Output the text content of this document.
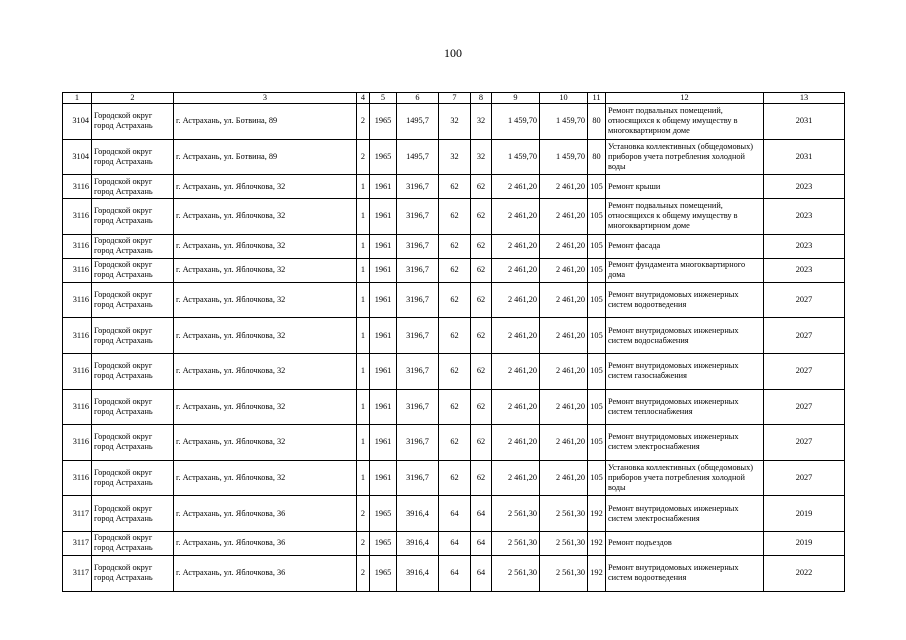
100
1	2	3	4	5	6	7	8	9	10	11	12	13
3104	Городской округ город Астрахань	г. Астрахань, ул. Ботвина, 89	2	1965	1495,7	32	32	1 459,70	1 459,70	80	Ремонт подвальных помещений, относящихся к общему имуществу в многоквартирном доме	2031
3104	Городской округ город Астрахань	г. Астрахань, ул. Ботвина, 89	2	1965	1495,7	32	32	1 459,70	1 459,70	80	Установка коллективных (общедомовых) приборов учета потребления холодной воды	2031
3116	Городской округ город Астрахань	г. Астрахань, ул. Яблочкова, 32	1	1961	3196,7	62	62	2 461,20	2 461,20	105	Ремонт крыши	2023
3116	Городской округ город Астрахань	г. Астрахань, ул. Яблочкова, 32	1	1961	3196,7	62	62	2 461,20	2 461,20	105	Ремонт подвальных помещений, относящихся к общему имуществу в многоквартирном доме	2023
3116	Городской округ город Астрахань	г. Астрахань, ул. Яблочкова, 32	1	1961	3196,7	62	62	2 461,20	2 461,20	105	Ремонт фасада	2023
3116	Городской округ город Астрахань	г. Астрахань, ул. Яблочкова, 32	1	1961	3196,7	62	62	2 461,20	2 461,20	105	Ремонт фундамента многоквартирного дома	2023
3116	Городской округ город Астрахань	г. Астрахань, ул. Яблочкова, 32	1	1961	3196,7	62	62	2 461,20	2 461,20	105	Ремонт внутридомовых инженерных систем водоотведения	2027
3116	Городской округ город Астрахань	г. Астрахань, ул. Яблочкова, 32	1	1961	3196,7	62	62	2 461,20	2 461,20	105	Ремонт внутридомовых инженерных систем водоснабжения	2027
3116	Городской округ город Астрахань	г. Астрахань, ул. Яблочкова, 32	1	1961	3196,7	62	62	2 461,20	2 461,20	105	Ремонт внутридомовых инженерных систем газоснабжения	2027
3116	Городской округ город Астрахань	г. Астрахань, ул. Яблочкова, 32	1	1961	3196,7	62	62	2 461,20	2 461,20	105	Ремонт внутридомовых инженерных систем теплоснабжения	2027
3116	Городской округ город Астрахань	г. Астрахань, ул. Яблочкова, 32	1	1961	3196,7	62	62	2 461,20	2 461,20	105	Ремонт внутридомовых инженерных систем электроснабжения	2027
3116	Городской округ город Астрахань	г. Астрахань, ул. Яблочкова, 32	1	1961	3196,7	62	62	2 461,20	2 461,20	105	Установка коллективных (общедомовых) приборов учета потребления холодной воды	2027
3117	Городской округ город Астрахань	г. Астрахань, ул. Яблочкова, 36	2	1965	3916,4	64	64	2 561,30	2 561,30	192	Ремонт внутридомовых инженерных систем электроснабжения	2019
3117	Городской округ город Астрахань	г. Астрахань, ул. Яблочкова, 36	2	1965	3916,4	64	64	2 561,30	2 561,30	192	Ремонт подъездов	2019
3117	Городской округ город Астрахань	г. Астрахань, ул. Яблочкова, 36	2	1965	3916,4	64	64	2 561,30	2 561,30	192	Ремонт внутридомовых инженерных систем водоотведения	2022
